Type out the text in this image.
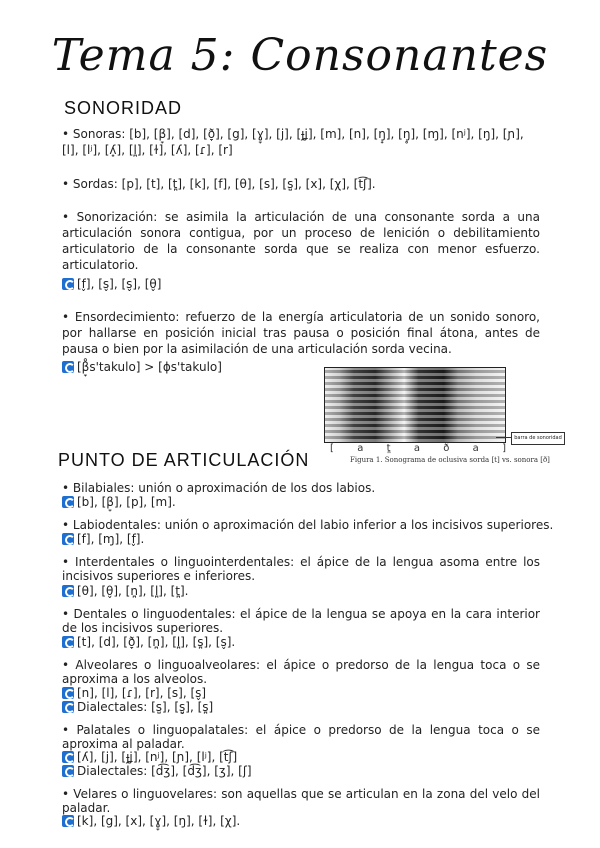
Tema 5: Consonantes
SONORIDAD
• Sonoras: [b], [β̞], [d], [ð̞], [g], [ɣ̞], [j], [ɟʝ], [m], [n], [ŋ̟], [ŋ̥], [ɱ], [nʲ], [ŋ], [ɲ],
[l], [lʲ], [ʎ̟], [l̪], [ɫ], [ʎ], [ɾ], [r]
• Sordas: [p], [t], [t̪], [k], [f], [θ], [s], [s̺], [x], [χ], [t͡ʃ].
• Sonorización: se asimila la articulación de una consonante sorda a una articulación sonora contigua, por un proceso de lenición o debilitamiento articulatorio de la consonante sorda que se realiza con menor esfuerzo. articulatorio.
[f̬], [s̬], [s̬], [θ̬]
• Ensordecimiento: refuerzo de la energía articulatoria de un sonido sonoro, por hallarse en posición inicial tras pausa o posición final átona, antes de pausa o bien por la asimilación de una articulación sorda vecina.
[β̞̊s'takulo] > [ɸs'takulo]
barra de sonoridad
[ a t̪ a ð a ]
Figura 1. Sonograma de oclusiva sorda [t] vs. sonora [ð]
PUNTO DE ARTICULACIÓN
• Bilabiales: unión o aproximación de los dos labios.
[b], [β̞], [p], [m].
• Labiodentales: unión o aproximación del labio inferior a los incisivos superiores.
[f], [ɱ], [f̬].
• Interdentales o linguointerdentales: el ápice de la lengua asoma entre los incisivos superiores e inferiores.
[θ], [θ̬], [n̪], [l̪], [t̪].
• Dentales o linguodentales: el ápice de la lengua se apoya en la cara interior de los incisivos superiores.
[t], [d], [ð̞], [n̪], [l̪], [s̪], [s̬].
• Alveolares o linguoalveolares: el ápice o predorso de la lengua toca o se aproxima a los alveolos.
[n], [l], [ɾ], [r], [s], [s̬]
Dialectales: [s̺], [s̺̬], [s̪]
• Palatales o linguopalatales: el ápice o predorso de la lengua toca o se aproxima al paladar.
[ʎ], [j], [ɟʝ], [nʲ], [ɲ], [lʲ], [t͡ʃ]
Dialectales: [d͡ʒ], [d͡ʒ], [ʒ], [ʃ]
• Velares o linguovelares: son aquellas que se articulan en la zona del velo del paladar.
[k], [g], [x], [ɣ̞], [ŋ], [ɫ], [χ].
